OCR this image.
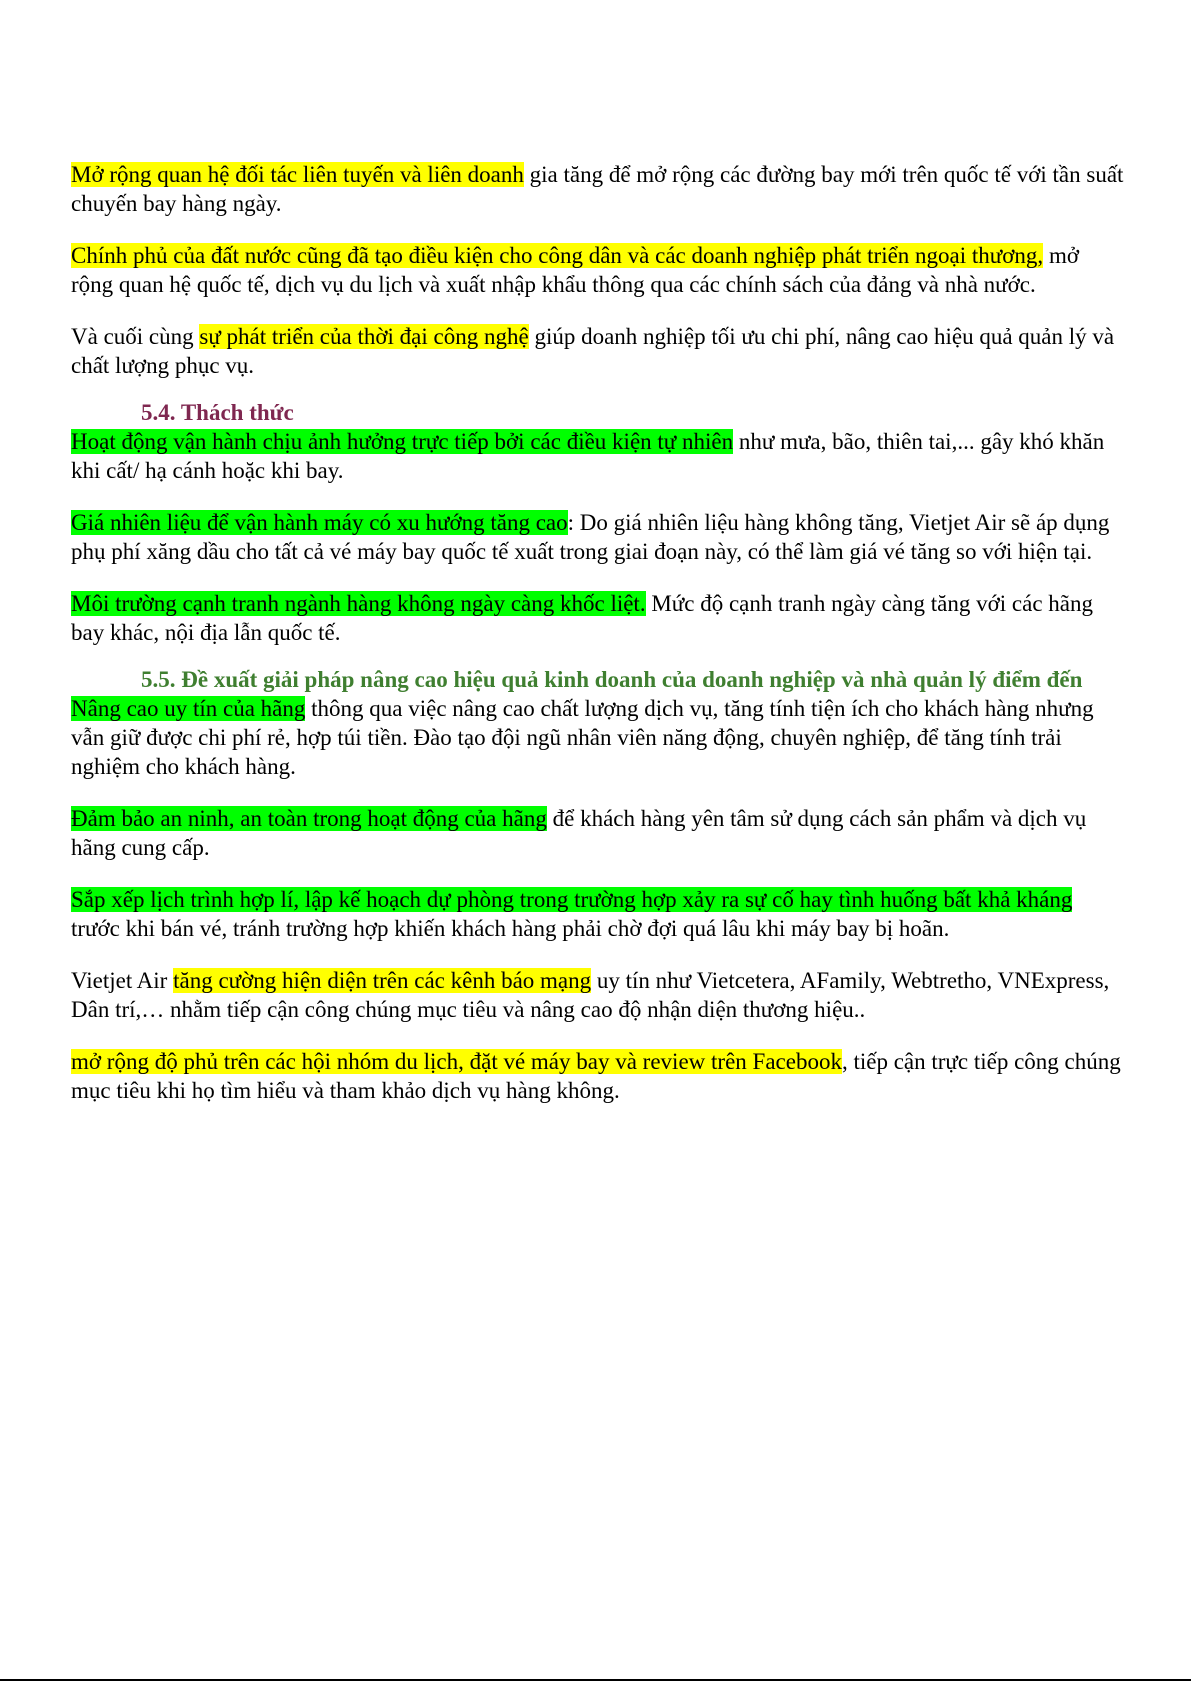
Mở rộng quan hệ đối tác liên tuyến và liên doanh gia tăng để mở rộng các đường bay mới trên quốc tế với tần suất chuyến bay hàng ngày.

Chính phủ của đất nước cũng đã tạo điều kiện cho công dân và các doanh nghiệp phát triển ngoại thương, mở rộng quan hệ quốc tế, dịch vụ du lịch và xuất nhập khẩu thông qua các chính sách của đảng và nhà nước.

Và cuối cùng sự phát triển của thời đại công nghệ giúp doanh nghiệp tối ưu chi phí, nâng cao hiệu quả quản lý và chất lượng phục vụ.

5.4. Thách thức

Hoạt động vận hành chịu ảnh hưởng trực tiếp bởi các điều kiện tự nhiên như mưa, bão, thiên tai,... gây khó khăn khi cất/ hạ cánh hoặc khi bay.

Giá nhiên liệu để vận hành máy có xu hướng tăng cao: Do giá nhiên liệu hàng không tăng, Vietjet Air sẽ áp dụng phụ phí xăng dầu cho tất cả vé máy bay quốc tế xuất trong giai đoạn này, có thể làm giá vé tăng so với hiện tại.

Môi trường cạnh tranh ngành hàng không ngày càng khốc liệt. Mức độ cạnh tranh ngày càng tăng với các hãng bay khác, nội địa lẫn quốc tế.

5.5. Đề xuất giải pháp nâng cao hiệu quả kinh doanh của doanh nghiệp và nhà quản lý điểm đến

Nâng cao uy tín của hãng thông qua việc nâng cao chất lượng dịch vụ, tăng tính tiện ích cho khách hàng nhưng vẫn giữ được chi phí rẻ, hợp túi tiền. Đào tạo đội ngũ nhân viên năng động, chuyên nghiệp, để tăng tính trải nghiệm cho khách hàng.

Đảm bảo an ninh, an toàn trong hoạt động của hãng để khách hàng yên tâm sử dụng cách sản phẩm và dịch vụ hãng cung cấp.

Sắp xếp lịch trình hợp lí, lập kế hoạch dự phòng trong trường hợp xảy ra sự cố hay tình huống bất khả kháng trước khi bán vé, tránh trường hợp khiến khách hàng phải chờ đợi quá lâu khi máy bay bị hoãn.

Vietjet Air tăng cường hiện diện trên các kênh báo mạng uy tín như Vietcetera, AFamily, Webtretho, VNExpress, Dân trí,… nhằm tiếp cận công chúng mục tiêu và nâng cao độ nhận diện thương hiệu..

mở rộng độ phủ trên các hội nhóm du lịch, đặt vé máy bay và review trên Facebook, tiếp cận trực tiếp công chúng mục tiêu khi họ tìm hiểu và tham khảo dịch vụ hàng không.
